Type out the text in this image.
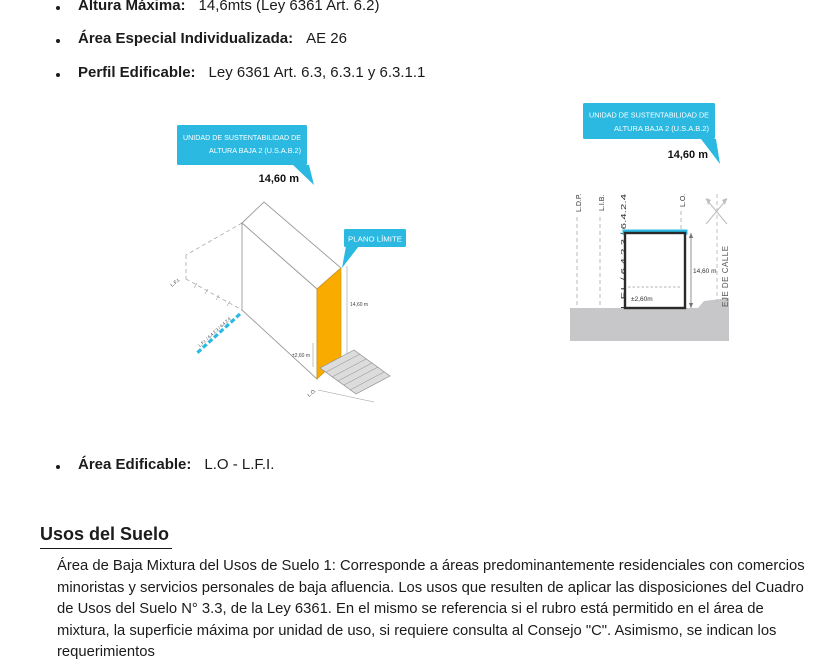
Altura Máxima: 14,6mts (Ley 6361 Art. 6.2)
Área Especial Individualizada: AE 26
Perfil Edificable: Ley 6361 Art. 6.3, 6.3.1 y 6.3.1.1
Área Edificable: L.O - L.F.I.
14,60 m
±2,60 m
L.F.I. / 6.4.2.3 / 6.4.2.4
L.F.I.
L.O.
UNIDAD DE SUSTENTABILIDAD DE
ALTURA BAJA 2 (U.S.A.B.2)
14,60 m
PLANO LÍMITE
L.D.P. L.I.B.	L.O.
±2,60m
14,60 m EJE DE CALLE
UNIDAD DE SUSTENTABILIDAD DE
ALTURA BAJA 2 (U.S.A.B.2)
14,60 m
Usos del Suelo
Área de Baja Mixtura del Usos de Suelo 1: Corresponde a áreas predominantemente residenciales con comercios minoristas y servicios personales de baja afluencia. Los usos que resulten de aplicar las disposiciones del Cuadro de Usos del Suelo N° 3.3, de la Ley 6361. En el mismo se referencia si el rubro está permitido en el área de mixtura, la superficie máxima por unidad de uso, si requiere consulta al Consejo "C". Asimismo, se indican los requerimientos
